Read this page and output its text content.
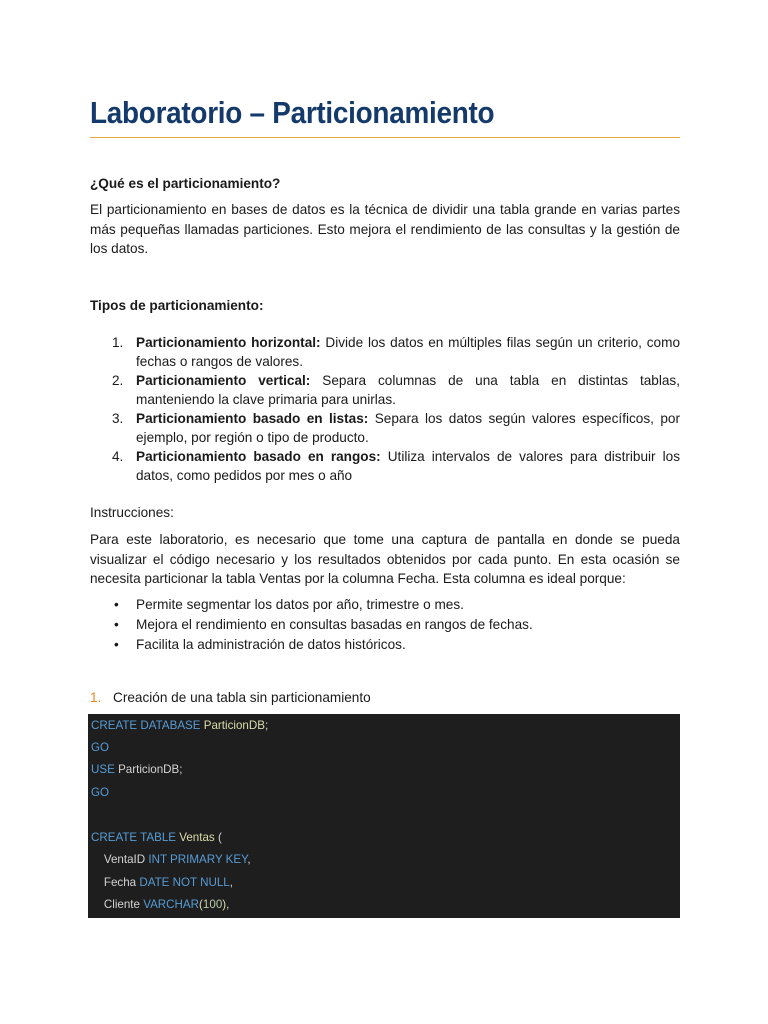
Laboratorio – Particionamiento

¿Qué es el particionamiento?

El particionamiento en bases de datos es la técnica de dividir una tabla grande en varias partes más pequeñas llamadas particiones. Esto mejora el rendimiento de las consultas y la gestión de los datos.

Tipos de particionamiento:

1. Particionamiento horizontal: Divide los datos en múltiples filas según un criterio, como fechas o rangos de valores.
2. Particionamiento vertical: Separa columnas de una tabla en distintas tablas, manteniendo la clave primaria para unirlas.
3. Particionamiento basado en listas: Separa los datos según valores específicos, por ejemplo, por región o tipo de producto.
4. Particionamiento basado en rangos: Utiliza intervalos de valores para distribuir los datos, como pedidos por mes o año

Instrucciones:

Para este laboratorio, es necesario que tome una captura de pantalla en donde se pueda visualizar el código necesario y los resultados obtenidos por cada punto. En esta ocasión se necesita particionar la tabla Ventas por la columna Fecha. Esta columna es ideal porque:

• Permite segmentar los datos por año, trimestre o mes.
• Mejora el rendimiento en consultas basadas en rangos de fechas.
• Facilita la administración de datos históricos.
1. Creación de una tabla sin particionamiento
CREATE DATABASE ParticionDB;
GO
USE ParticionDB;
GO
CREATE TABLE Ventas (
VentaID INT PRIMARY KEY,
Fecha DATE NOT NULL,
Cliente VARCHAR(100),
